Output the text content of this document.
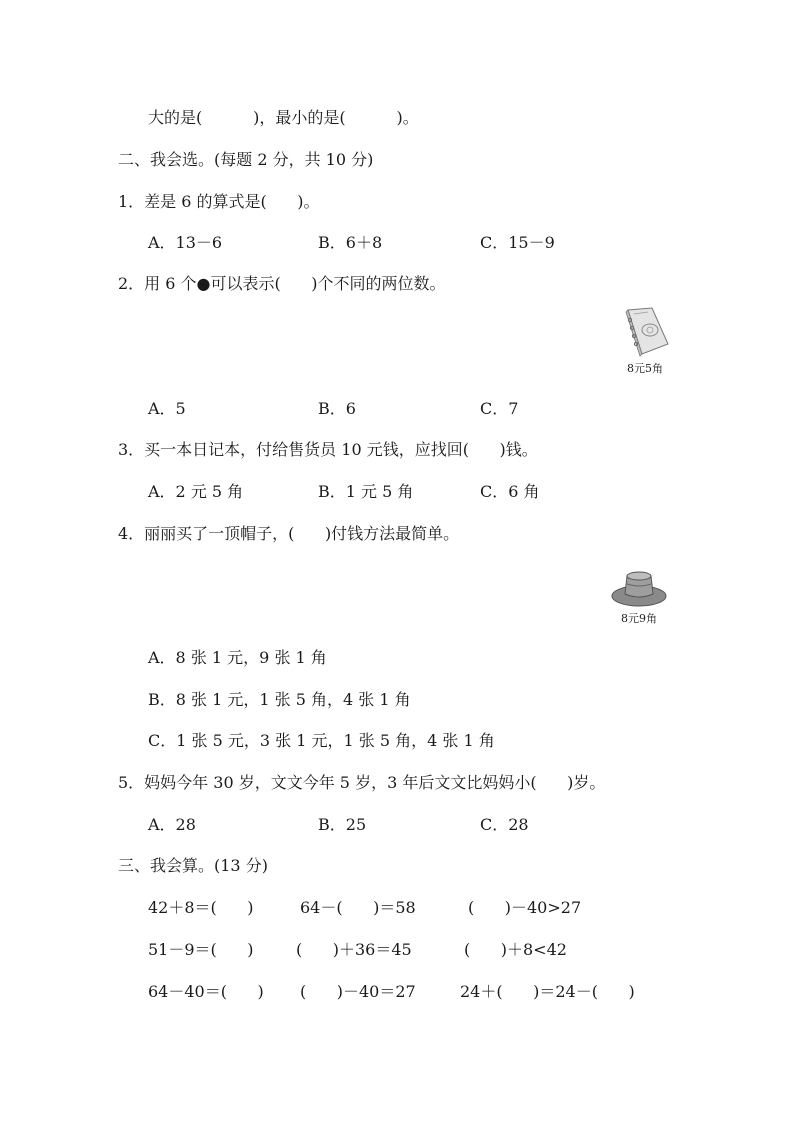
大的是(          )，最小的是(          )。
二、我会选。(每题 2 分，共 10 分)
1．差是 6 的算式是(      )。
A．13－6	B．6＋8	C．15－9
2．用 6 个●可以表示(      )个不同的两位数。
8元5角
A．5	B．6	C．7
3．买一本日记本，付给售货员 10 元钱，应找回(      )钱。
A．2 元 5 角	B．1 元 5 角	C．6 角
4．丽丽买了一顶帽子，(      )付钱方法最简单。
8元9角
A．8 张 1 元，9 张 1 角
B．8 张 1 元，1 张 5 角，4 张 1 角
C．1 张 5 元，3 张 1 元，1 张 5 角，4 张 1 角
5．妈妈今年 30 岁，文文今年 5 岁，3 年后文文比妈妈小(      )岁。
A．28	B．25	C．28
三、我会算。(13 分)
42＋8＝(      )	64－(      )＝58	(      )－40>27
51－9＝(      )	(      )＋36＝45	(      )＋8<42
64－40＝(      ) (      )－40＝27	24＋(      )＝24－(      )
